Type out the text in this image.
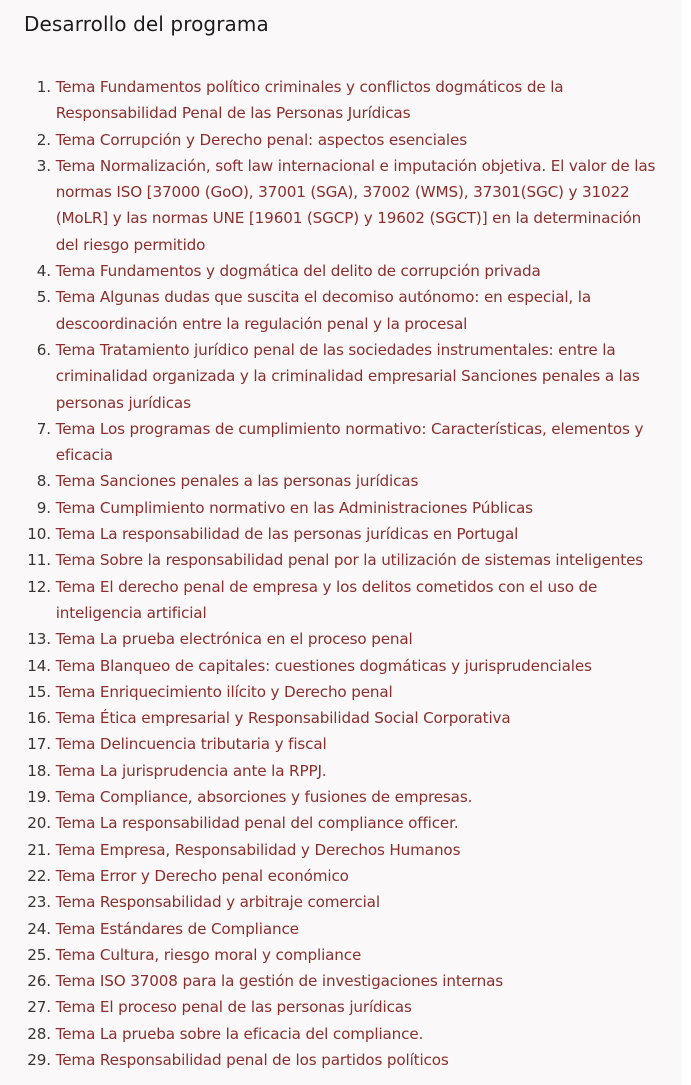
Desarrollo del programa
1.
Tema Fundamentos político criminales y conflictos dogmáticos de la Responsabilidad Penal de las Personas Jurídicas
2.
Tema Corrupción y Derecho penal: aspectos esenciales
3.
Tema Normalización, soft law internacional e imputación objetiva. El valor de las normas ISO [37000 (GoO), 37001 (SGA), 37002 (WMS), 37301(SGC) y 31022 (MoLR] y las normas UNE [19601 (SGCP) y 19602 (SGCT)] en la determinación del riesgo permitido
4.
Tema Fundamentos y dogmática del delito de corrupción privada
5.
Tema Algunas dudas que suscita el decomiso autónomo: en especial, la descoordinación entre la regulación penal y la procesal
6.
Tema Tratamiento jurídico penal de las sociedades instrumentales: entre la criminalidad organizada y la criminalidad empresarial Sanciones penales a las personas jurídicas
7.
Tema Los programas de cumplimiento normativo: Características, elementos y eficacia
8.
Tema Sanciones penales a las personas jurídicas
9.
Tema Cumplimiento normativo en las Administraciones Públicas
10.
Tema La responsabilidad de las personas jurídicas en Portugal
11.
Tema Sobre la responsabilidad penal por la utilización de sistemas inteligentes
12.
Tema El derecho penal de empresa y los delitos cometidos con el uso de inteligencia artificial
13.
Tema La prueba electrónica en el proceso penal
14.
Tema Blanqueo de capitales: cuestiones dogmáticas y jurisprudenciales
15.
Tema Enriquecimiento ilícito y Derecho penal
16.
Tema Ética empresarial y Responsabilidad Social Corporativa
17.
Tema Delincuencia tributaria y fiscal
18.
Tema La jurisprudencia ante la RPPJ.
19.
Tema Compliance, absorciones y fusiones de empresas.
20.
Tema La responsabilidad penal del compliance officer.
21.
Tema Empresa, Responsabilidad y Derechos Humanos
22.
Tema Error y Derecho penal económico
23.
Tema Responsabilidad y arbitraje comercial
24.
Tema Estándares de Compliance
25.
Tema Cultura, riesgo moral y compliance
26.
Tema ISO 37008 para la gestión de investigaciones internas
27.
Tema El proceso penal de las personas jurídicas
28.
Tema La prueba sobre la eficacia del compliance.
29.
Tema Responsabilidad penal de los partidos políticos
